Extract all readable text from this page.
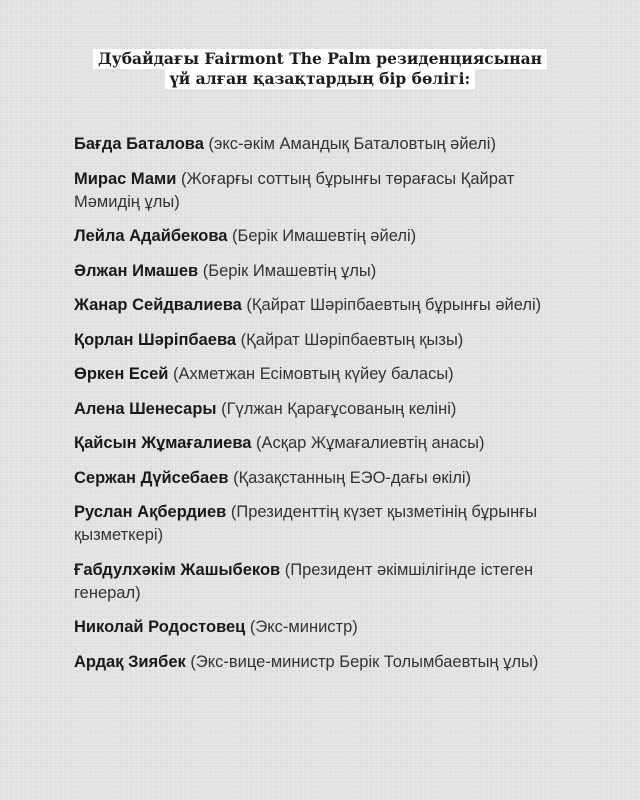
Дубайдағы Fairmont The Palm резиденциясынан
үй алған қазақтардың бір бөлігі:
Бағда Баталова (экс-әкім Амандық Баталовтың әйелі)
Мирас Мами (Жоғарғы соттың бұрынғы төрағасы Қайрат Мәмидің ұлы)
Лейла Адайбекова (Берік Имашевтің әйелі)
Әлжан Имашев (Берік Имашевтің ұлы)
Жанар Сейдвалиева (Қайрат Шәріпбаевтың бұрынғы әйелі)
Қорлан Шәріпбаева (Қайрат Шәріпбаевтың қызы)
Өркен Есей (Ахметжан Есімовтың күйеу баласы)
Алена Шенесары (Гүлжан Қарағұсованың келіні)
Қайсын Жұмағалиева (Асқар Жұмағалиевтің анасы)
Сержан Дүйсебаев (Қазақстанның ЕЭО-дағы өкілі)
Руслан Ақбердиев (Президенттің күзет қызметінің бұрынғы қызметкері)
Ғабдулхәкім Жашыбеков (Президент әкімшілігінде істеген генерал)
Николай Родостовец (Экс-министр)
Ардақ Зиябек (Экс-вице-министр Берік Толымбаевтың ұлы)
